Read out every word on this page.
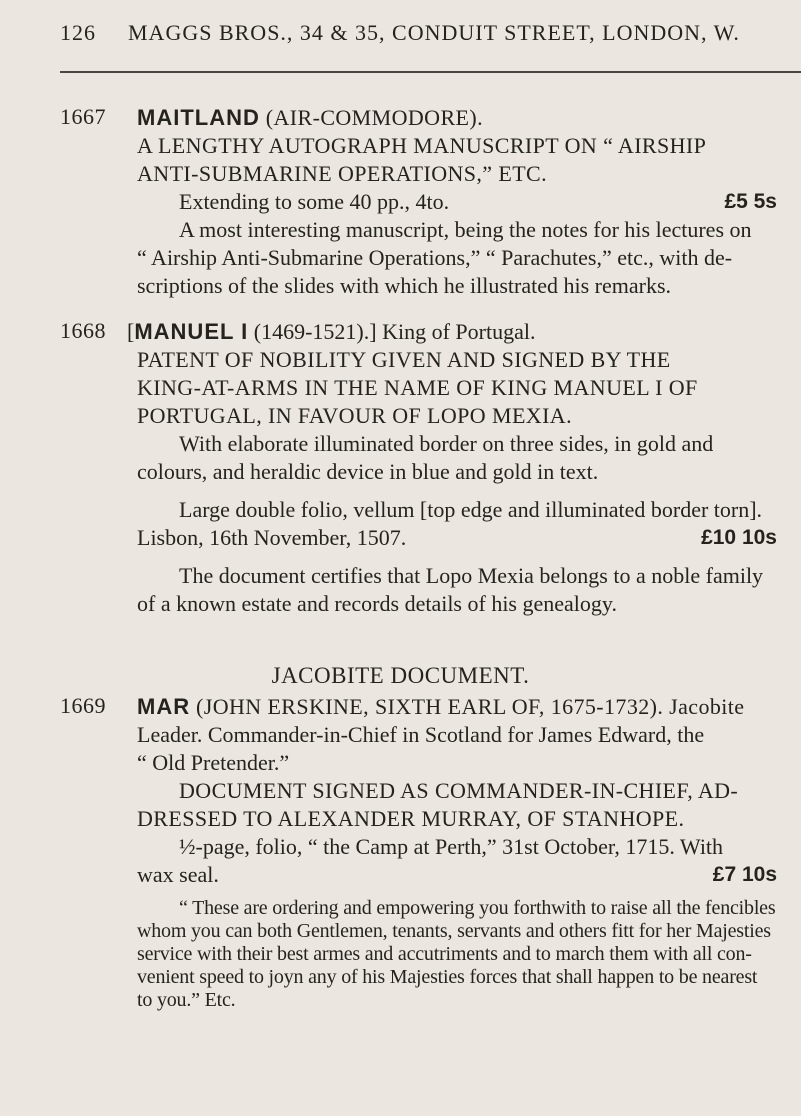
126 MAGGS BROS., 34 & 35, CONDUIT STREET, LONDON, W.
1667 MAITLAND (AIR-COMMODORE).
A LENGTHY AUTOGRAPH MANUSCRIPT ON “ AIRSHIP
ANTI-SUBMARINE OPERATIONS,” ETC.
Extending to some 40 pp., 4to.	£5 5s
A most interesting manuscript, being the notes for his lectures on
“ Airship Anti-Submarine Operations,” “ Parachutes,” etc., with de-
scriptions of the slides with which he illustrated his remarks.
1668 [MANUEL I (1469-1521).] King of Portugal.
PATENT OF NOBILITY GIVEN AND SIGNED BY THE
KING-AT-ARMS IN THE NAME OF KING MANUEL I OF
PORTUGAL, IN FAVOUR OF LOPO MEXIA.
With elaborate illuminated border on three sides, in gold and
colours, and heraldic device in blue and gold in text.
Large double folio, vellum [top edge and illuminated border torn].
Lisbon, 16th November, 1507.	£10 10s
The document certifies that Lopo Mexia belongs to a noble family
of a known estate and records details of his genealogy.
JACOBITE DOCUMENT.
1669 MAR (JOHN ERSKINE, SIXTH EARL OF, 1675-1732). Jacobite
Leader. Commander-in-Chief in Scotland for James Edward, the
“ Old Pretender.”
DOCUMENT SIGNED AS COMMANDER-IN-CHIEF, AD-
DRESSED TO ALEXANDER MURRAY, OF STANHOPE.
½-page, folio, “ the Camp at Perth,” 31st October, 1715. With
wax seal.	£7 10s
“ These are ordering and empowering you forthwith to raise all the fencibles
whom you can both Gentlemen, tenants, servants and others fitt for her Majesties
service with their best armes and accutriments and to march them with all con-
venient speed to joyn any of his Majesties forces that shall happen to be nearest
to you.” Etc.
